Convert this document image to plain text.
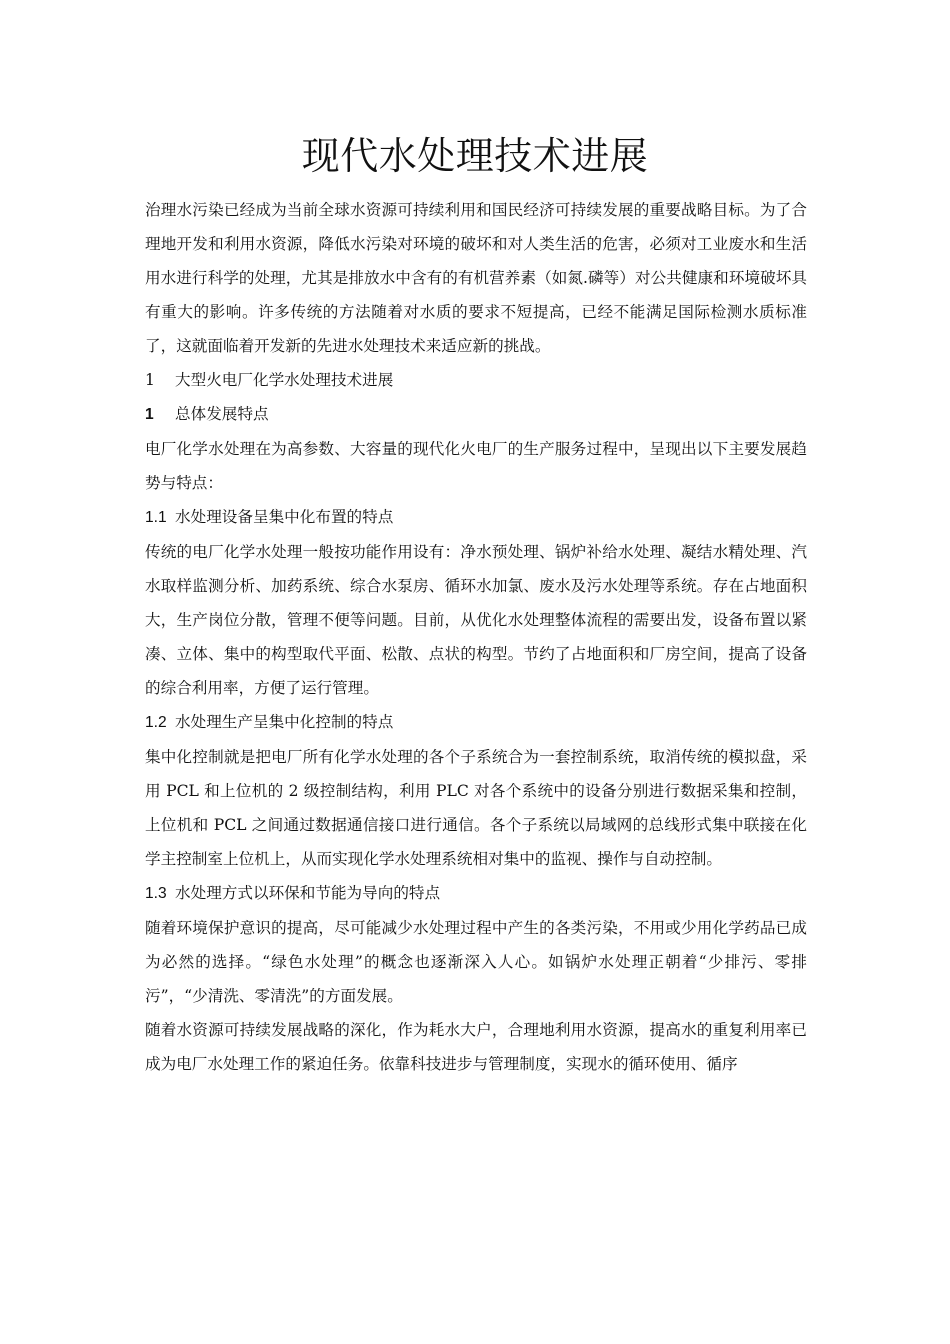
现代水处理技术进展

治理水污染已经成为当前全球水资源可持续利用和国民经济可持续发展的重要战略目标。为了合理地开发和利用水资源，降低水污染对环境的破坏和对人类生活的危害，必须对工业废水和生活用水进行科学的处理，尤其是排放水中含有的有机营养素（如氮.磷等）对公共健康和环境破坏具有重大的影响。许多传统的方法随着对水质的要求不短提高，已经不能满足国际检测水质标准了，这就面临着开发新的先进水处理技术来适应新的挑战。

1 大型火电厂化学水处理技术进展

1 总体发展特点

电厂化学水处理在为高参数、大容量的现代化火电厂的生产服务过程中，呈现出以下主要发展趋势与特点：

1.1 水处理设备呈集中化布置的特点

传统的电厂化学水处理一般按功能作用设有：净水预处理、锅炉补给水处理、凝结水精处理、汽水取样监测分析、加药系统、综合水泵房、循环水加氯、废水及污水处理等系统。存在占地面积大，生产岗位分散，管理不便等问题。目前，从优化水处理整体流程的需要出发，设备布置以紧凑、立体、集中的构型取代平面、松散、点状的构型。节约了占地面积和厂房空间，提高了设备的综合利用率，方便了运行管理。

1.2 水处理生产呈集中化控制的特点

集中化控制就是把电厂所有化学水处理的各个子系统合为一套控制系统，取消传统的模拟盘，采用 PCL 和上位机的 2 级控制结构，利用 PLC 对各个系统中的设备分别进行数据采集和控制，上位机和 PCL 之间通过数据通信接口进行通信。各个子系统以局域网的总线形式集中联接在化学主控制室上位机上，从而实现化学水处理系统相对集中的监视、操作与自动控制。

1.3 水处理方式以环保和节能为导向的特点

随着环境保护意识的提高，尽可能减少水处理过程中产生的各类污染，不用或少用化学药品已成为必然的选择。“绿色水处理”的概念也逐渐深入人心。如锅炉水处理正朝着“少排污、零排污”，“少清洗、零清洗”的方面发展。

随着水资源可持续发展战略的深化，作为耗水大户，合理地利用水资源，提高水的重复利用率已成为电厂水处理工作的紧迫任务。依靠科技进步与管理制度，实现水的循环使用、循序
